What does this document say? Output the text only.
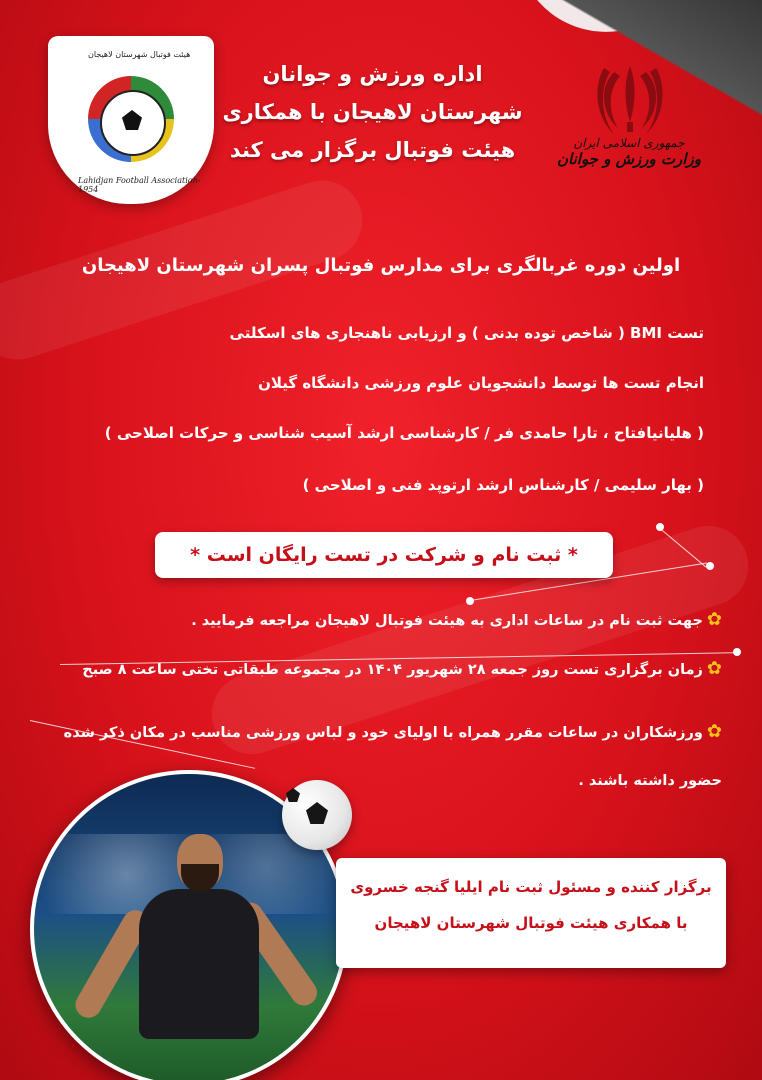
هیئت فوتبال شهرستان لاهیجان
Lahidjan Football Association-1954
اداره ورزش و جوانان
شهرستان لاهیجان با همکاری
هیئت فوتبال برگزار می کند	جمهوری اسلامی ایران
وزارت ورزش و جوانان
اولین دوره غربالگری برای مدارس فوتبال پسران شهرستان لاهیجان
تست BMI ( شاخص توده بدنی ) و ارزیابی ناهنجاری های اسکلتی
انجام تست ها توسط دانشجویان علوم ورزشی دانشگاه گیلان
( هلیانیافتاح ، تارا حامدی فر / کارشناسی ارشد آسیب شناسی و حرکات اصلاحی )
( بهار سلیمی / کارشناس ارشد ارتوپد فنی و اصلاحی )
* ثبت نام و شرکت در تست رایگان است *
✿جهت ثبت نام در ساعات اداری به هیئت فوتبال لاهیجان مراجعه فرمایید .
✿زمان برگزاری تست روز جمعه ۲۸ شهریور ۱۴۰۴ در مجموعه طبقاتی تختی ساعت ۸ صبح
✿ورزشکاران در ساعات مقرر همراه با اولیای خود و لباس ورزشی مناسب در مکان ذکر شده حضور داشته باشند .
برگزار کننده و مسئول ثبت نام ایلیا گنجه خسروی
با همکاری هیئت فوتبال شهرستان لاهیجان
